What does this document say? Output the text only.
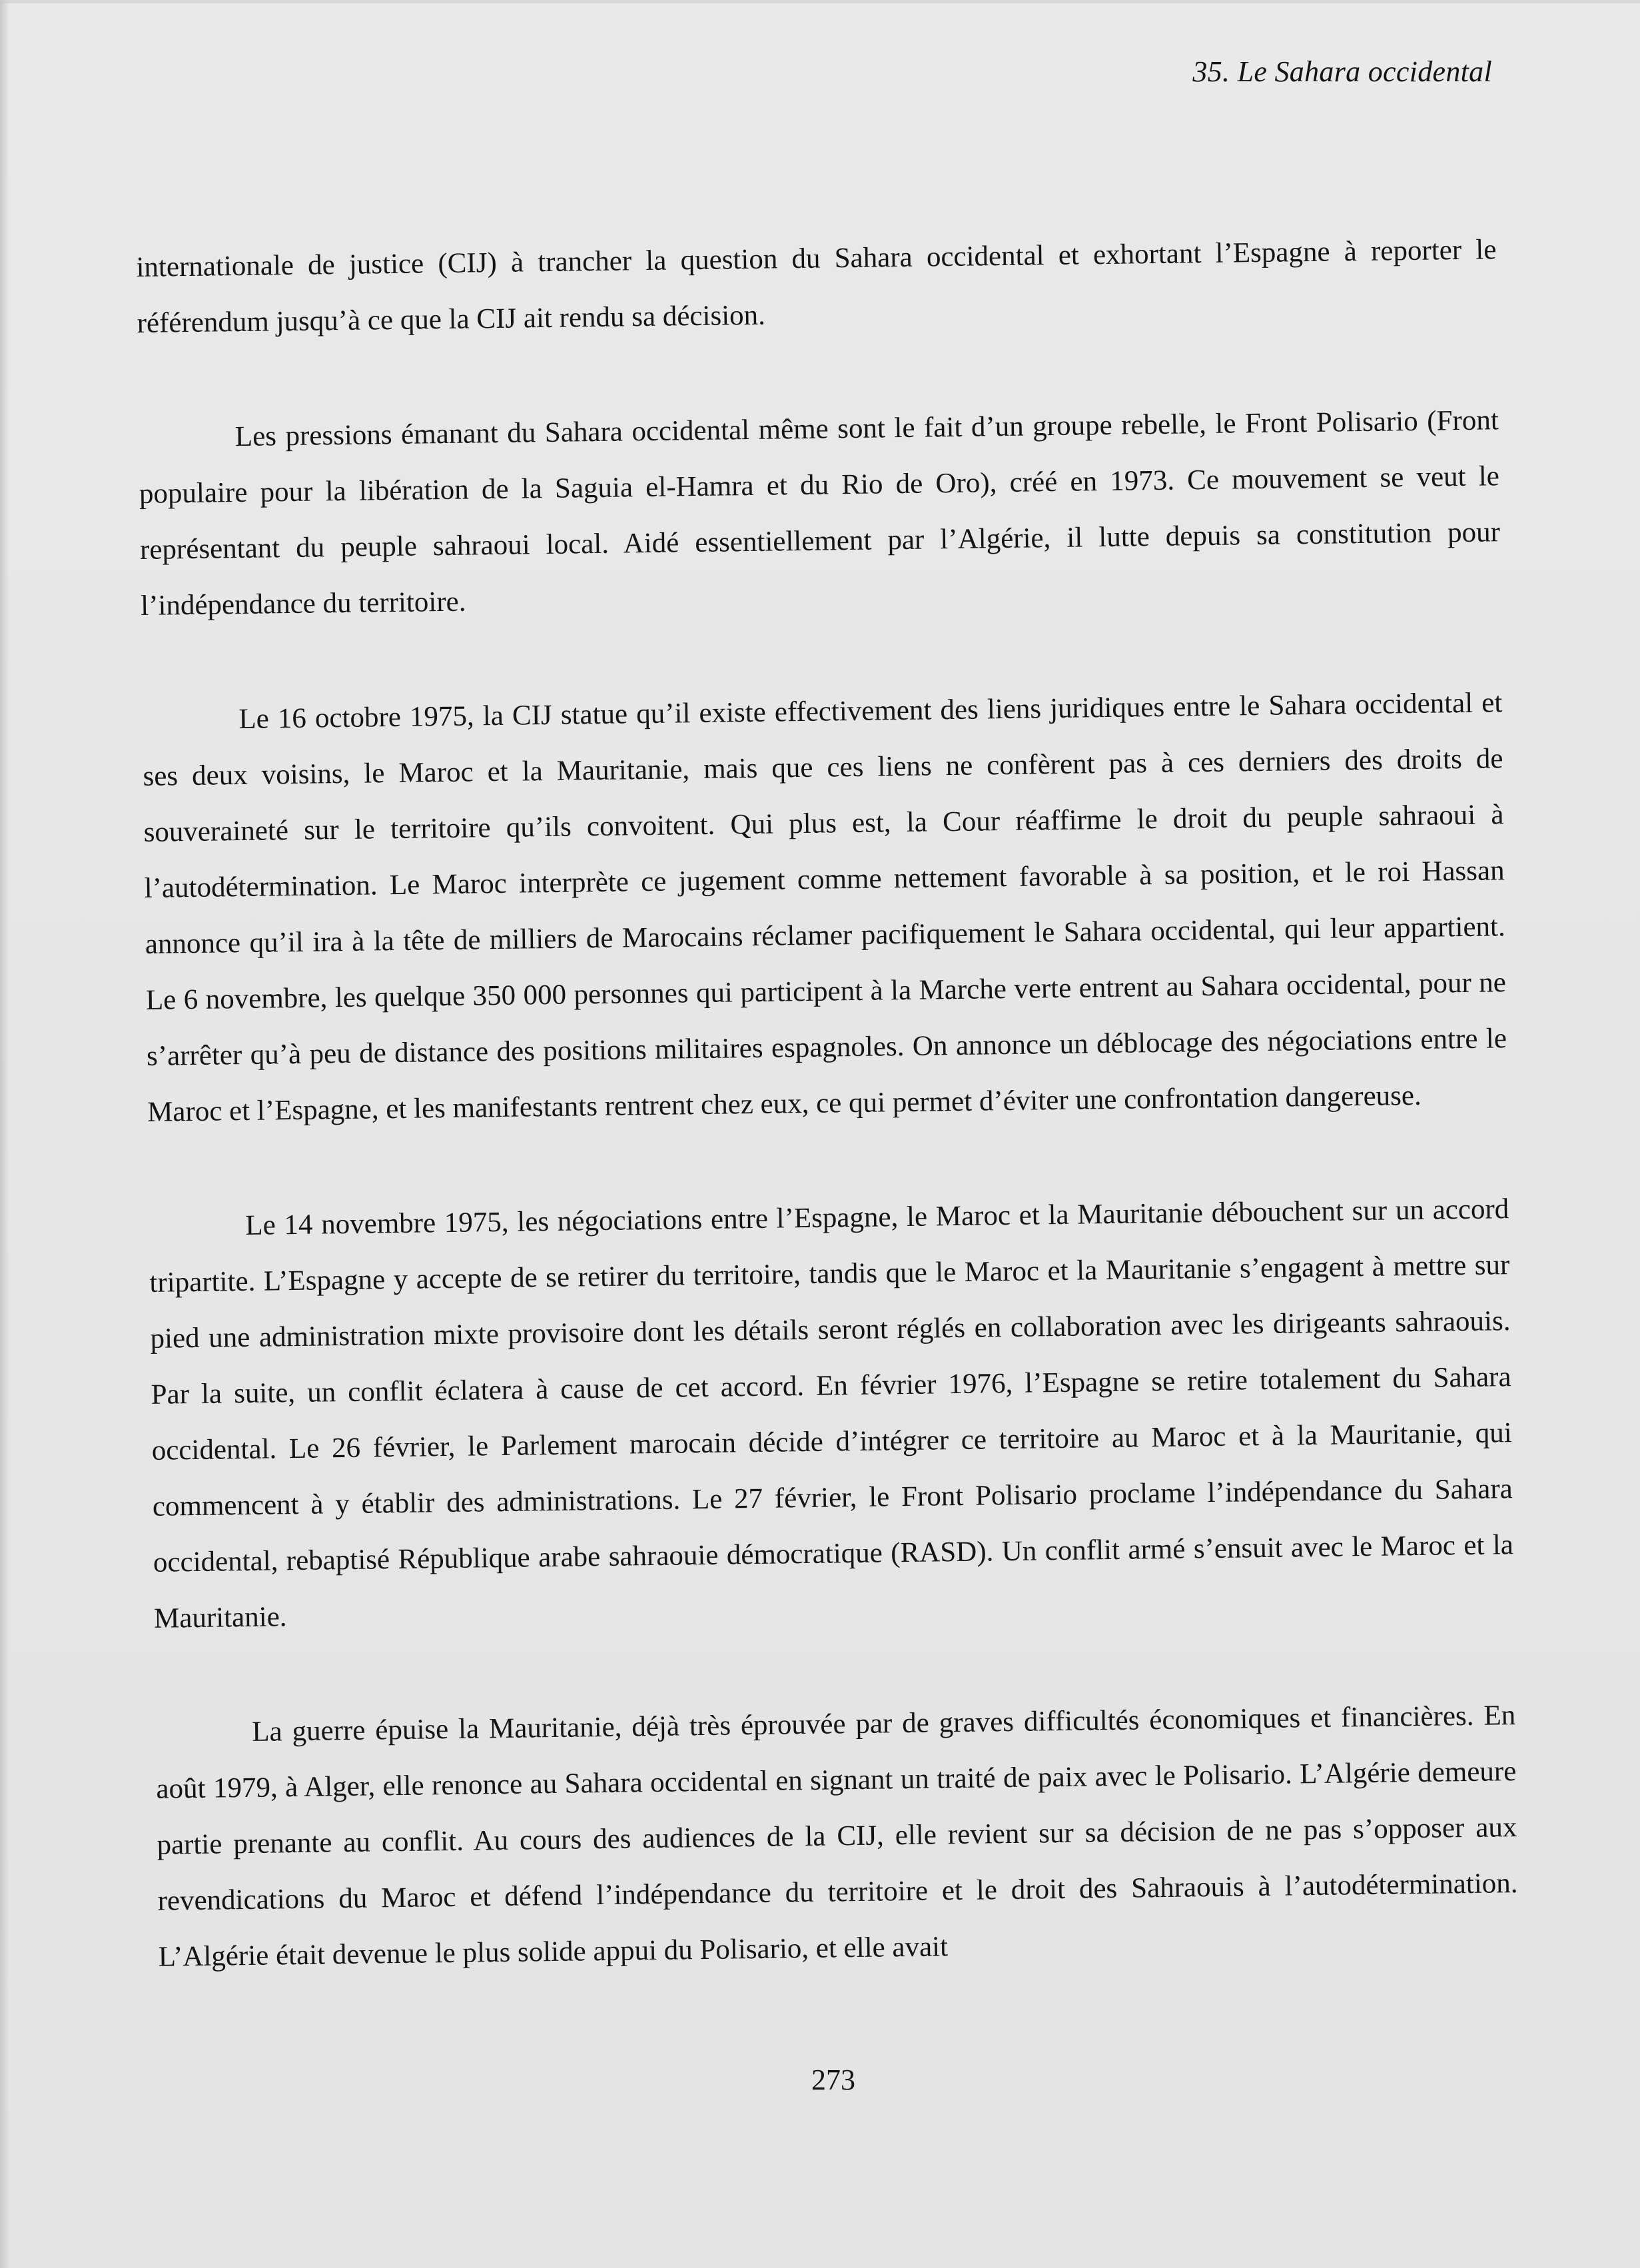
35. Le Sahara occidental

internationale de justice (CIJ) à trancher la question du Sahara occidental et exhortant l’Espagne à reporter le référendum jusqu’à ce que la CIJ ait rendu sa décision.

Les pressions émanant du Sahara occidental même sont le fait d’un groupe rebelle, le Front Polisario (Front populaire pour la libération de la Saguia el-Hamra et du Rio de Oro), créé en 1973. Ce mouvement se veut le représentant du peuple sahraoui local. Aidé essentiellement par l’Algérie, il lutte depuis sa constitution pour l’indépendance du territoire.

Le 16 octobre 1975, la CIJ statue qu’il existe effectivement des liens juridiques entre le Sahara occidental et ses deux voisins, le Maroc et la Mauritanie, mais que ces liens ne confèrent pas à ces derniers des droits de souveraineté sur le territoire qu’ils convoitent. Qui plus est, la Cour réaffirme le droit du peuple sahraoui à l’autodétermination. Le Maroc interprète ce jugement comme nettement favorable à sa position, et le roi Hassan annonce qu’il ira à la tête de milliers de Marocains réclamer pacifiquement le Sahara occidental, qui leur appartient. Le 6 novembre, les quelque 350 000 personnes qui participent à la Marche verte entrent au Sahara occidental, pour ne s’arrêter qu’à peu de distance des positions militaires espagnoles. On annonce un déblocage des négociations entre le Maroc et l’Espagne, et les manifestants rentrent chez eux, ce qui permet d’éviter une confrontation dangereuse.

Le 14 novembre 1975, les négociations entre l’Espagne, le Maroc et la Mauritanie débouchent sur un accord tripartite. L’Espagne y accepte de se retirer du territoire, tandis que le Maroc et la Mauritanie s’engagent à mettre sur pied une administration mixte provisoire dont les détails seront réglés en collaboration avec les dirigeants sahraouis. Par la suite, un conflit éclatera à cause de cet accord. En février 1976, l’Espagne se retire totalement du Sahara occidental. Le 26 février, le Parlement marocain décide d’intégrer ce territoire au Maroc et à la Mauritanie, qui commencent à y établir des administrations. Le 27 février, le Front Polisario proclame l’indépendance du Sahara occidental, rebaptisé République arabe sahraouie démocratique (RASD). Un conflit armé s’ensuit avec le Maroc et la Mauritanie.

La guerre épuise la Mauritanie, déjà très éprouvée par de graves difficultés économiques et financières. En août 1979, à Alger, elle renonce au Sahara occidental en signant un traité de paix avec le Polisario. L’Algérie demeure partie prenante au conflit. Au cours des audiences de la CIJ, elle revient sur sa décision de ne pas s’opposer aux revendications du Maroc et défend l’indépendance du territoire et le droit des Sahraouis à l’autodétermination. L’Algérie était devenue le plus solide appui du Polisario, et elle avait

273
